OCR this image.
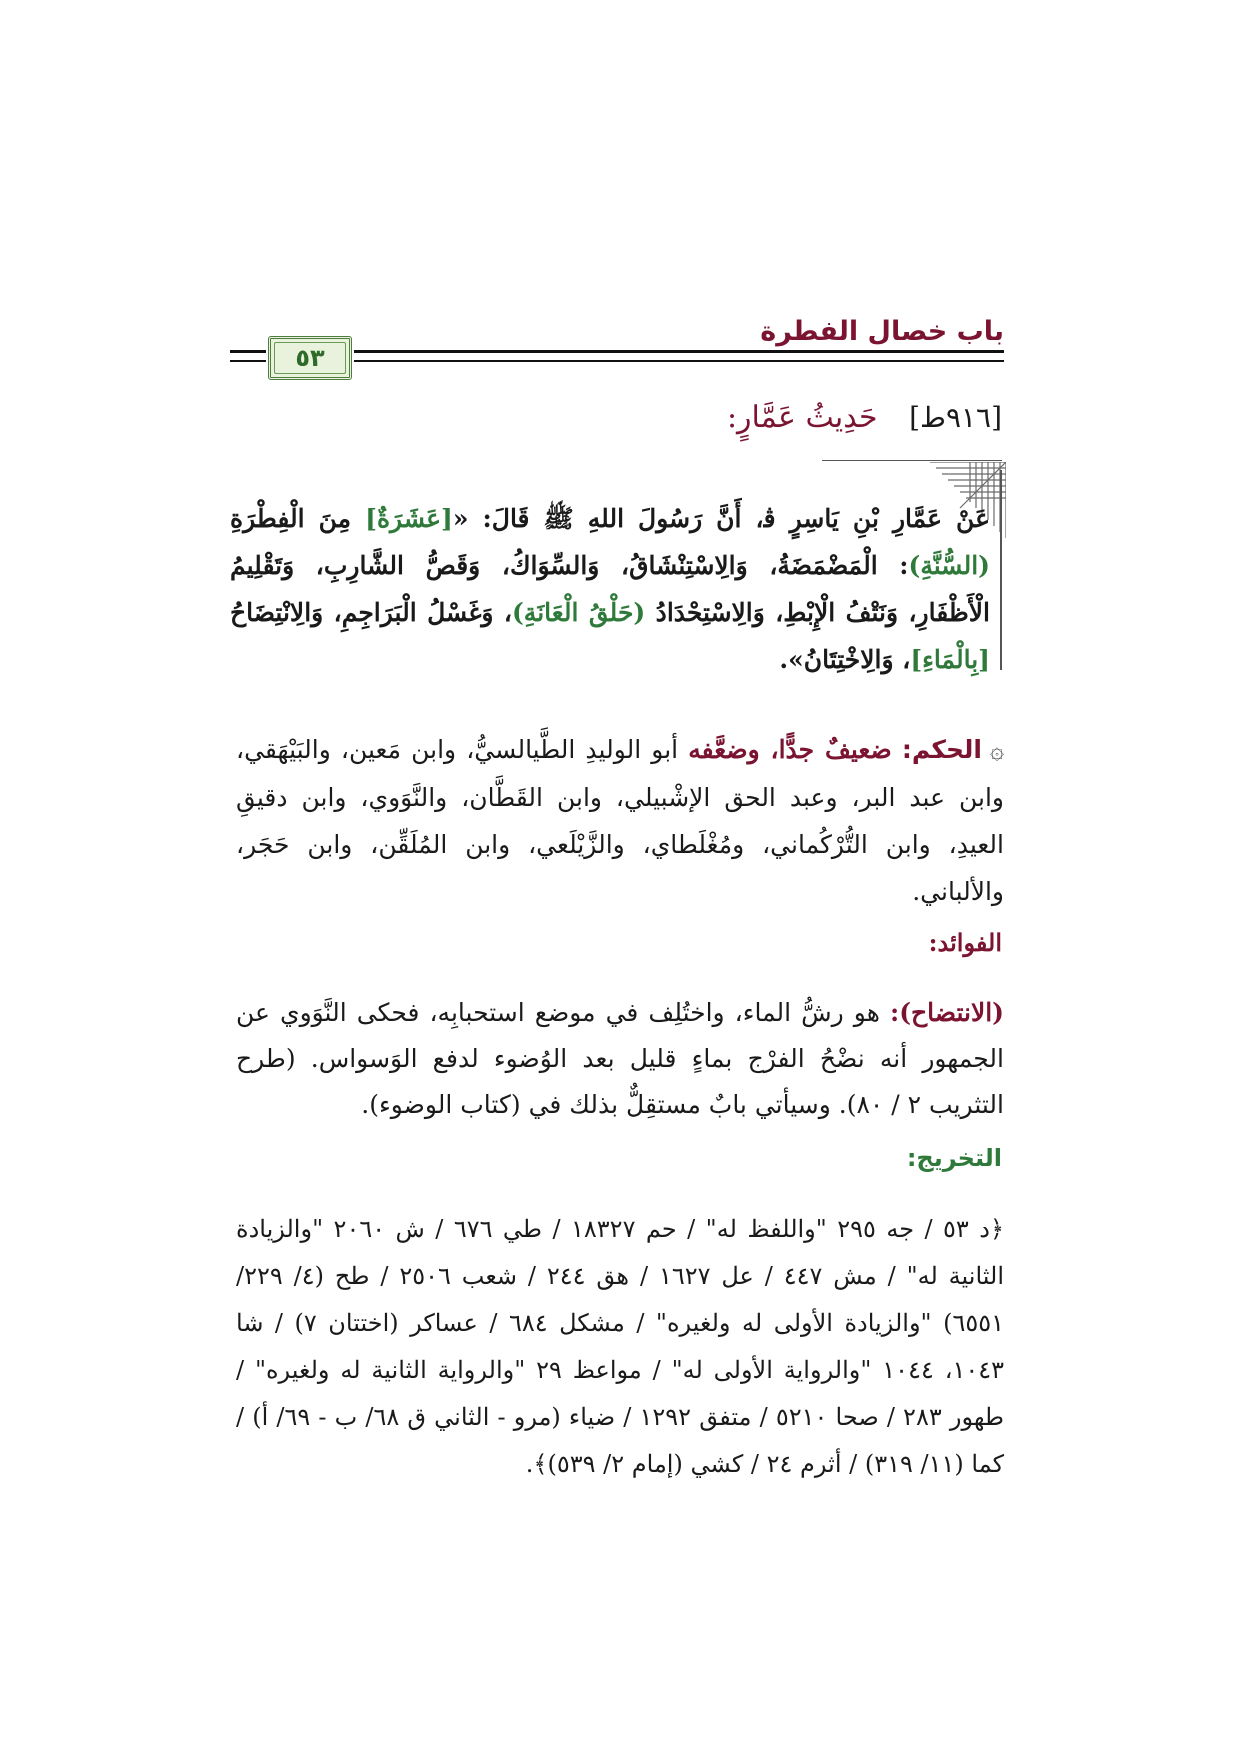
باب خصال الفطرة
٥٣
[٩١٦ط] حَدِيثُ عَمَّارٍ:
عَنْ عَمَّارِ بْنِ يَاسِرٍ ﭬ، أَنَّ رَسُولَ اللهِ ﷺ قَالَ: «[عَشَرَةٌ] مِنَ الْفِطْرَةِ (السُّنَّةِ): الْمَضْمَضَةُ، وَالِاسْتِنْشَاقُ، وَالسِّوَاكُ، وَقَصُّ الشَّارِبِ، وَتَقْلِيمُ الْأَظْفَارِ، وَنَتْفُ الْإِبْطِ، وَالِاسْتِحْدَادُ (حَلْقُ الْعَانَةِ)، وَغَسْلُ الْبَرَاجِمِ، وَالِانْتِضَاحُ [بِالْمَاءِ]، وَالِاخْتِتَانُ».
۞الحكم: ضعيفٌ جدًّا، وضعَّفه أبو الوليدِ الطَّيالسيُّ، وابن مَعين، والبَيْهَقي، وابن عبد البر، وعبد الحق الإشْبيلي، وابن القَطَّان، والنَّوَوي، وابن دقيقِ العيدِ، وابن التُّرْكُماني، ومُغْلَطاي، والزَّيْلَعي، وابن المُلَقِّن، وابن حَجَر، والألباني.
الفوائد:
(الانتضاح): هو رشُّ الماء، واختُلِف في موضع استحبابِه، فحكى النَّوَوي عن الجمهور أنه نضْحُ الفرْج بماءٍ قليل بعد الوُضوء لدفع الوَسواس. (طرح التثريب ٢ / ٨٠). وسيأتي بابٌ مستقِلٌّ بذلك في (كتاب الوضوء).
التخريج:
﴿د ٥٣ / جه ٢٩٥ "واللفظ له" / حم ١٨٣٢٧ / طي ٦٧٦ / ش ٢٠٦٠ "والزيادة الثانية له" / مش ٤٤٧ / عل ١٦٢٧ / هق ٢٤٤ / شعب ٢٥٠٦ / طح (٤/ ٢٢٩/ ٦٥٥١) "والزيادة الأولى له ولغيره" / مشكل ٦٨٤ / عساكر (اختتان ٧) / شا ١٠٤٣، ١٠٤٤ "والرواية الأولى له" / مواعظ ٢٩ "والرواية الثانية له ولغيره" / طهور ٢٨٣ / صحا ٥٢١٠ / متفق ١٢٩٢ / ضياء (مرو - الثاني ق ٦٨/ ب - ٦٩/ أ) / كما (١١/ ٣١٩) / أثرم ٢٤ / كشي (إمام ٢/ ٥٣٩)﴾.
